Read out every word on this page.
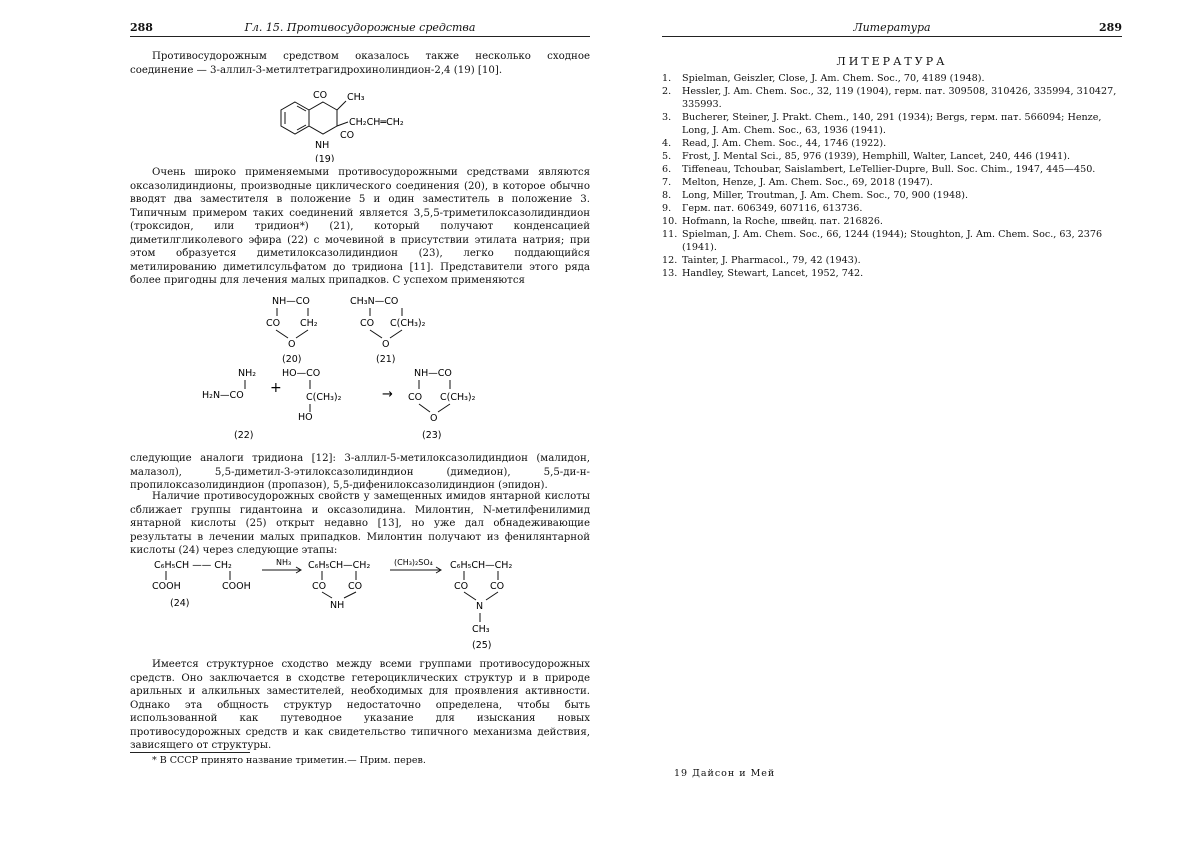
288	Гл. 15. Противосудорожные средства

Противосудорожным средством оказалось также несколько сходное соединение — 3-аллил-3-метилтетрагидрохинолиндион-2,4 (19) [10].

CO CH₃
CH₂CH═CH₂
CO
NH
(19)

Очень широко применяемыми противосудорожными средствами являются оксазолидиндионы, производные циклического соединения (20), в которое обычно вводят два заместителя в положение 5 и один заместитель в положение 3. Типичным примером таких соединений является 3,5,5-триметилоксазолидиндион (троксидон, или тридион*) (21), который получают конденсацией диметилгликолевого эфира (22) с мочевиной в присутствии этилата натрия; при этом образуется диметилоксазолидиндион (23), легко поддающийся метилированию диметилсульфатом до тридиона [11]. Представители этого ряда более пригодны для лечения малых припадков. С успехом применяются

NH—CO
CO CH₂
O
(20)
CH₃N—CO
CO C(CH₃)₂
O
(21)
NH₂
H₂N—CO +
HO—CO
C(CH₃)₂
HO
(22)
→
NH—CO
CO C(CH₃)₂
O
(23)

следующие аналоги тридиона [12]: 3-аллил-5-метилоксазолидиндион (малидон, малазол), 5,5-диметил-3-этилоксазолидиндион (димедион), 5,5-ди-н-пропилоксазолидиндион (пропазон), 5,5-дифенилоксазолидиндион (эпидон).

Наличие противосудорожных свойств у замещенных имидов янтарной кислоты сближает группы гидантоина и оксазолидина. Милонтин, N-метилфенилимид янтарной кислоты (25) открыт недавно [13], но уже дал обнадеживающие результаты в лечении малых припадков. Милонтин получают из фенилянтарной кислоты (24) через следующие этапы:

C₆H₅CH —— CH₂
COOH	COOH
(24)
NH₃ C₆H₅CH—CH₂
CO CO
NH
(CH₃)₂SO₄ C₆H₅CH—CH₂
CO CO
N
CH₃
(25)

Имеется структурное сходство между всеми группами противосудорожных средств. Оно заключается в сходстве гетероциклических структур и в природе арильных и алкильных заместителей, необходимых для проявления активности. Однако эта общность структур недостаточно определена, чтобы быть использованной как путеводное указание для изыскания новых противосудорожных средств и как свидетельство типичного механизма действия, зависящего от структуры.

* В СССР принято название триметин.— Прим. перев.
Литература	289
ЛИТЕРАТУРА
1. Spielman, Geiszler, Close, J. Am. Chem. Soc., 70, 4189 (1948).
2. Hessler, J. Am. Chem. Soc., 32, 119 (1904), герм. пат. 309508, 310426, 335994, 310427, 335993.
3. Bucherer, Steiner, J. Prakt. Chem., 140, 291 (1934); Bergs, герм. пат. 566094; Henze, Long, J. Am. Chem. Soc., 63, 1936 (1941).
4. Read, J. Am. Chem. Soc., 44, 1746 (1922).
5. Frost, J. Mental Sci., 85, 976 (1939), Hemphill, Walter, Lancet, 240, 446 (1941).
6. Tiffeneau, Tchoubar, Saislambert, LeTellier-Dupre, Bull. Soc. Chim., 1947, 445—450.
7. Melton, Henze, J. Am. Chem. Soc., 69, 2018 (1947).
8. Long, Miller, Troutman, J. Am. Chem. Soc., 70, 900 (1948).
9. Герм. пат. 606349, 607116, 613736.
10. Hofmann, la Roche, швейц. пат. 216826.
11. Spielman, J. Am. Chem. Soc., 66, 1244 (1944); Stoughton, J. Am. Chem. Soc., 63, 2376 (1941).
12. Tainter, J. Pharmacol., 79, 42 (1943).
13. Handley, Stewart, Lancet, 1952, 742.
19 Дайсон и Мей
